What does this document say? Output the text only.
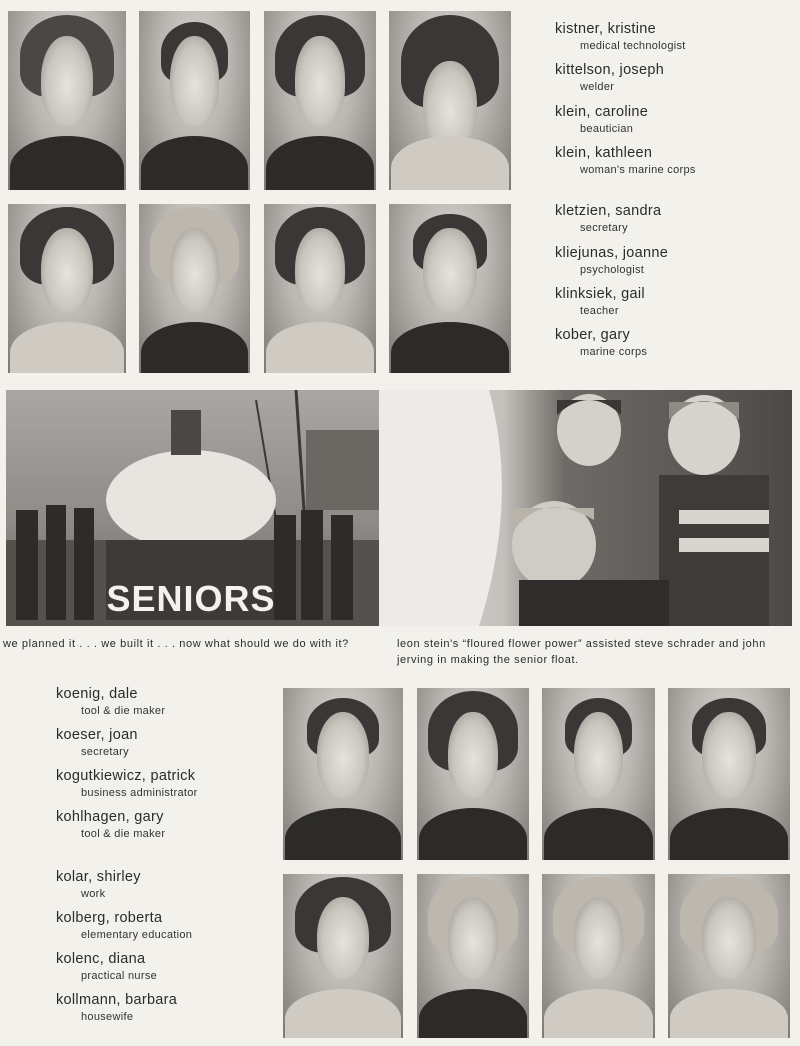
kistner, kristine
medical technologist
kittelson, joseph
welder
klein, caroline
beautician
klein, kathleen
woman's marine corps
kletzien, sandra
secretary
kliejunas, joanne
psychologist
klinksiek, gail
teacher
kober, gary
marine corps
SENIORS
we planned it . . . we built it . . . now what should we do with it?	leon stein's “floured flower power” assisted steve schrader and john jerving in making the senior float.
koenig, dale
tool & die maker
koeser, joan
secretary
kogutkiewicz, patrick
business administrator
kohlhagen, gary
tool & die maker
kolar, shirley
work
kolberg, roberta
elementary education
kolenc, diana
practical nurse
kollmann, barbara
housewife
